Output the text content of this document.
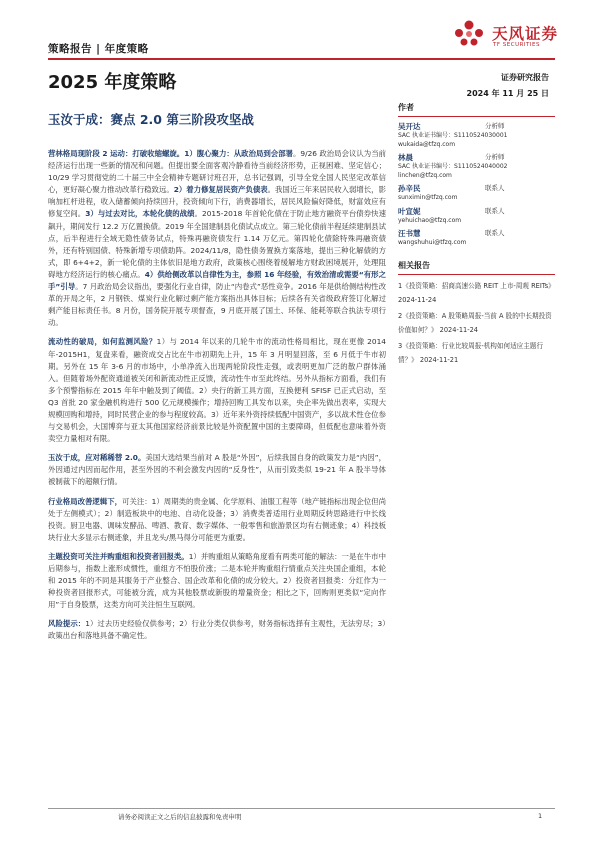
策略报告 | 年度策略
天风证券
TF SECURITIES
2025 年度策略	证券研究报告
2024 年 11 月 25 日
玉汝于成：赛点 2.0 第三阶段攻坚战

营林格局现阶段 2 运动：打破收缩螺旋。1）腹心聚力：从政治局到会部署。9/26 政治局会议认为当前经济运行出现一些新的情况和问题。但提出要全面客观冷静看待当前经济形势，正视困难、坚定信心；10/29 学习贯彻党的二十届三中全会精神专题研讨班召开，总书记强调，引导全党全国人民坚定改革信心，更好凝心聚力推动改革行稳致远。2）着力修复居民资产负债表。我国近三年来居民收入弱增长，影响加杠杆进程，收入储蓄倾向持续回升，投资倾向下行，消费器增长，居民风险偏好降低，财富效应有修复空间。3）与过去对比，本轮化债的战绩。2015-2018 年首轮化债在于防止地方融资平台债券快速飙升，期间发行 12.2 万亿置换债。2019 年全国建制县化债试点成立。第三轮化债前半程延续建制县试点，后半程进行全域无隐性债务试点，特殊再融资债发行 1.14 万亿元。第四轮化债除特殊再融资债外，还有特别国债、特殊新增专项债助阵。2024/11/8，隐性债务置换方案落地，提出三种化解债的方式，即 6+4+2，新一轮化债的主体依旧是地方政府，政策核心围绕着缓解地方财政困境展开，处理阻碍地方经济运行的核心痛点。4）供给侧改革以自律性为主，参照 16 年经验，有效治清或需要“有形之手”引导。7 月政治局会议指出，要强化行业自律，防止“内卷式”恶性竞争。2016 年是供给侧结构性改革的开局之年，2 月钢铁、煤炭行业化解过剩产能方案指出具体目标；后续各有关省级政府签订化解过剩产能目标责任书。8 月份，国务院开展专项督查，9 月底开展了国土、环保、能耗等联合执法专项行动。

流动性的破局，如何监测风险？1）与 2014 年以来的几轮牛市的流动性格局相比，现在更像 2014 年-2015H1，复盘来看，融资成交占比在牛市初期先上升，15 年 3 月明显回落，至 6 月低于牛市初期。另外在 15 年 3-6 月的市场中，小单净流入出现两轮阶段性走强，或表明更加广泛的散户群体涌入。但随着场外配资通道被关闭和新流动性正反馈，流动性牛市至此终结。另外从指标方面看，我们有多个预警指标在 2015 年年中触及到了阈值。2）央行的新工具方面，互换便利 SFISF 已正式启动，至 Q3 首批 20 家金融机构进行 500 亿元规模操作；增持回购工具发布以来，央企率先做出表率，实现大规模回购和增持，同时民营企业的参与程度较高。3）近年来外资持续低配中国资产，多以战术性仓位参与交易机会，大国博弈与亚太其他国家经济前景比较是外资配置中国的主要障碍，但低配也意味着外资卖空力量相对有限。

玉汝于成，应对稀稀替 2.0。美国大选结果当前对 A 股是“外因”，后续我国自身的政策发力是“内因”，外因通过内因而起作用，甚至外因的不利会激发内因的“反身性”，从而引致类似 19-21 年 A 股半导体被制裁下的超额行情。

行业格局改善逻辑下，可关注：1）周期类的贵金属、化学原料、油服工程等（地产链指标出现企位但尚处于左侧模式）；2）制造板块中的电池、自动化设备；3）消费类普适用行业周期反转思路进行中长线投资。厨卫电器、调味发酵品、啤酒、教育、数字媒体、一般零售和旅游景区均有右侧迹象；4）科技板块行业大多显示右侧迹象，并且龙头/黑马得分可能更为重要。

主题投资可关注并购重组和投资者回报类。1）并购重组从策略角度看有两类可能的解法：一是在牛市中后期参与，指数上涨形成惯性，重组方不怕股价涨；二是本轮并购重组行情重点关注央国企重组，本轮和 2015 年的不同是其服务于产业整合、国企改革和化债的成分较大。2）投资者回报类：分红作为一种投资者回报形式，可能被分流，成为其他股票或新股的增量资金；相比之下，回购则更类似“定向作用”于自身股票，这类方向可关注恒生互联网。

风险提示：1）过去历史经验仅供参考；2）行业分类仅供参考，财务指标选择有主观性，无法穷尽；3）政策出台和落地具备不确定性。

作者
吴开达	分析师
SAC 执业证书编号：S1110524030001
wukaida@tfzq.com
林晨	分析师
SAC 执业证书编号：S1110524040002
linchen@tfzq.com
孙辛民	联系人
sunximin@tfzq.com
叶宣妮	联系人
yehuichao@tfzq.com
汪书慧	联系人
wangshuhui@tfzq.com
相关报告
1《投资策略：招商高速公路 REIT 上市-周观 REITs》 2024-11-24
2《投资策略：A 股策略周报-当前 A 股的中长期投资价值如何？》 2024-11-24
3《投资策略：行业比较周报-机构如何适应主题行情？》 2024-11-21
请务必阅读正文之后的信息披露和免责申明	1
